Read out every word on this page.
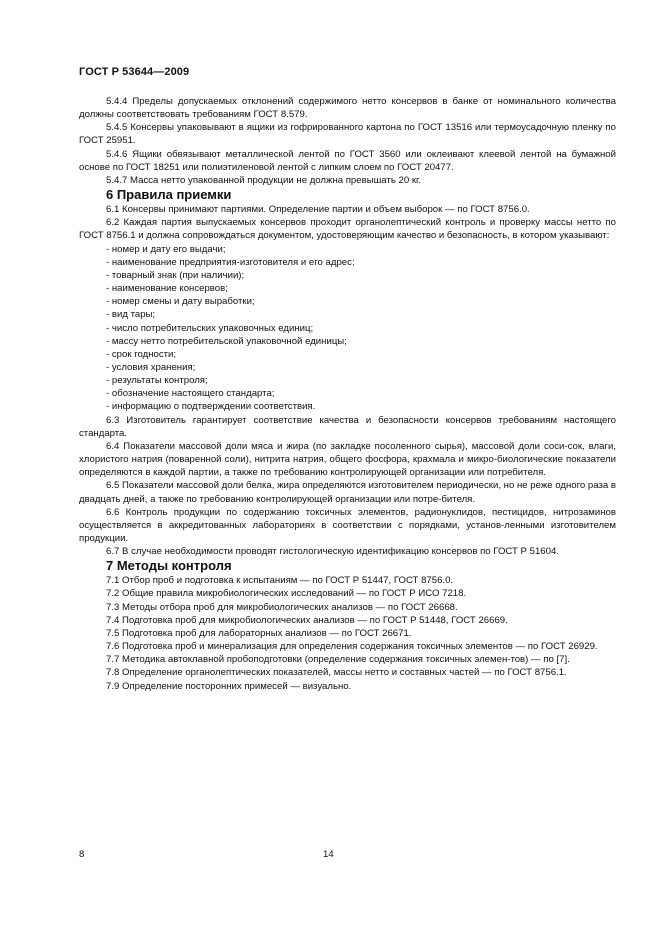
ГОСТ Р 53644—2009

5.4.4 Пределы допускаемых отклонений содержимого нетто консервов в банке от номинального количества должны соответствовать требованиям ГОСТ 8.579.

5.4.5 Консервы упаковывают в ящики из гофрированного картона по ГОСТ 13516 или термоусадочную пленку по ГОСТ 25951.

5.4.6 Ящики обвязывают металлической лентой по ГОСТ 3560 или оклеивают клеевой лентой на бумажной основе по ГОСТ 18251 или полиэтиленовой лентой с липким слоем по ГОСТ 20477.

5.4.7 Масса нетто упакованной продукции не должна превышать 20 кг.

6 Правила приемки

6.1 Консервы принимают партиями. Определение партии и объем выборок — по ГОСТ 8756.0.

6.2 Каждая партия выпускаемых консервов проходит органолептический контроль и проверку массы нетто по ГОСТ 8756.1 и должна сопровождаться документом, удостоверяющим качество и безопасность, в котором указывают:

- номер и дату его выдачи;

- наименование предприятия-изготовителя и его адрес;

- товарный знак (при наличии);

- наименование консервов;

- номер смены и дату выработки;

- вид тары;

- число потребительских упаковочных единиц;

- массу нетто потребительской упаковочной единицы;

- срок годности;

- условия хранения;

- результаты контроля;

- обозначение настоящего стандарта;

- информацию о подтверждении соответствия.

6.3 Изготовитель гарантирует соответствие качества и безопасности консервов требованиям настоящего стандарта.

6.4 Показатели массовой доли мяса и жира (по закладке посоленного сырья), массовой доли соси-сок, влаги, хлористого натрия (поваренной соли), нитрита натрия, общего фосфора, крахмала и микро-биологические показатели определяются в каждой партии, а также по требованию контролирующей организации или потребителя.

6.5 Показатели массовой доли белка, жира определяются изготовителем периодически, но не реже одного раза в двадцать дней, а также по требованию контролирующей организации или потре-бителя.

6.6 Контроль продукции по содержанию токсичных элементов, радионуклидов, пестицидов, нитрозаминов осуществляется в аккредитованных лабораториях в соответствии с порядками, установ-ленными изготовителем продукции.

6.7 В случае необходимости проводят гистологическую идентификацию консервов по ГОСТ Р 51604.

7 Методы контроля

7.1 Отбор проб и подготовка к испытаниям — по ГОСТ Р 51447, ГОСТ 8756.0.

7.2 Общие правила микробиологических исследований — по ГОСТ Р ИСО 7218.

7.3 Методы отбора проб для микробиологических анализов — по ГОСТ 26668.

7.4 Подготовка проб для микробиологических анализов — по ГОСТ Р 51448, ГОСТ 26669.

7.5 Подготовка проб для лабораторных анализов — по ГОСТ 26671.

7.6 Подготовка проб и минерализация для определения содержания токсичных элементов — по ГОСТ 26929.

7.7 Методика автоклавной пробоподготовки (определение содержания токсичных элемен-тов) — по [7].

7.8 Определение органолептических показателей, массы нетто и составных частей — по ГОСТ 8756.1.

7.9 Определение посторонних примесей — визуально.

8	14
